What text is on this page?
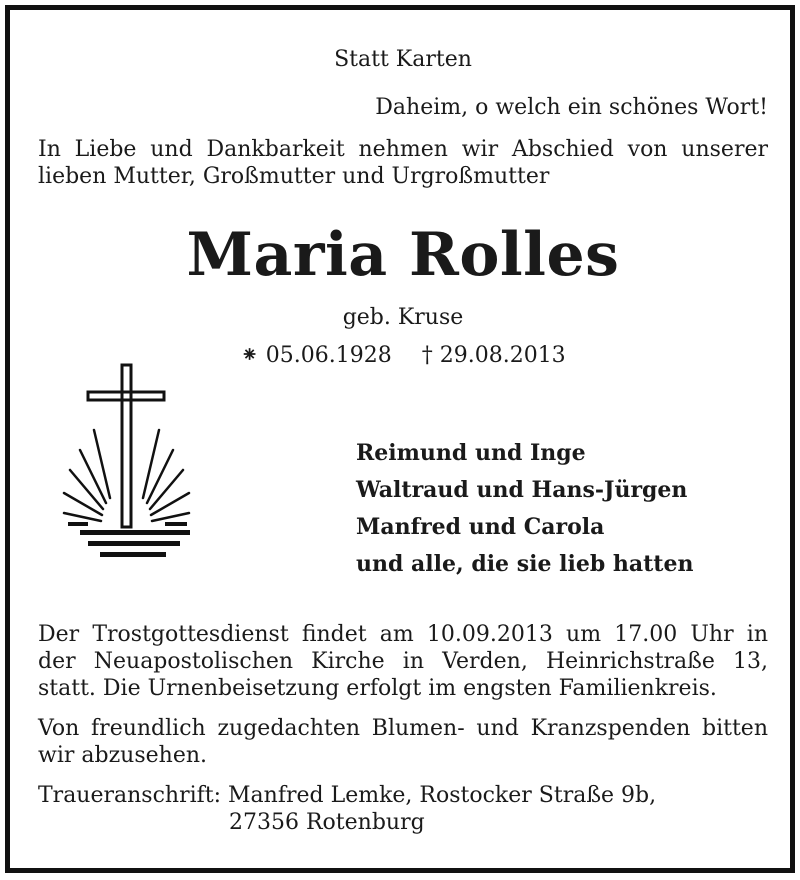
Statt Karten
Daheim, o welch ein schönes Wort!
In Liebe und Dankbarkeit nehmen wir Abschied von unserer
lieben Mutter, Großmutter und Urgroßmutter
Maria Rolles
geb. Kruse
⁕ 05.06.1928 † 29.08.2013
Reimund und Inge
Waltraud und Hans-Jürgen
Manfred und Carola
und alle, die sie lieb hatten
Der Trostgottesdienst findet am 10.09.2013 um 17.00 Uhr in
der Neuapostolischen Kirche in Verden, Heinrichstraße 13,
statt. Die Urnenbeisetzung erfolgt im engsten Familienkreis.
Von freundlich zugedachten Blumen- und Kranzspenden bitten
wir abzusehen.
Traueranschrift: Manfred Lemke, Rostocker Straße 9b,
27356 Rotenburg
